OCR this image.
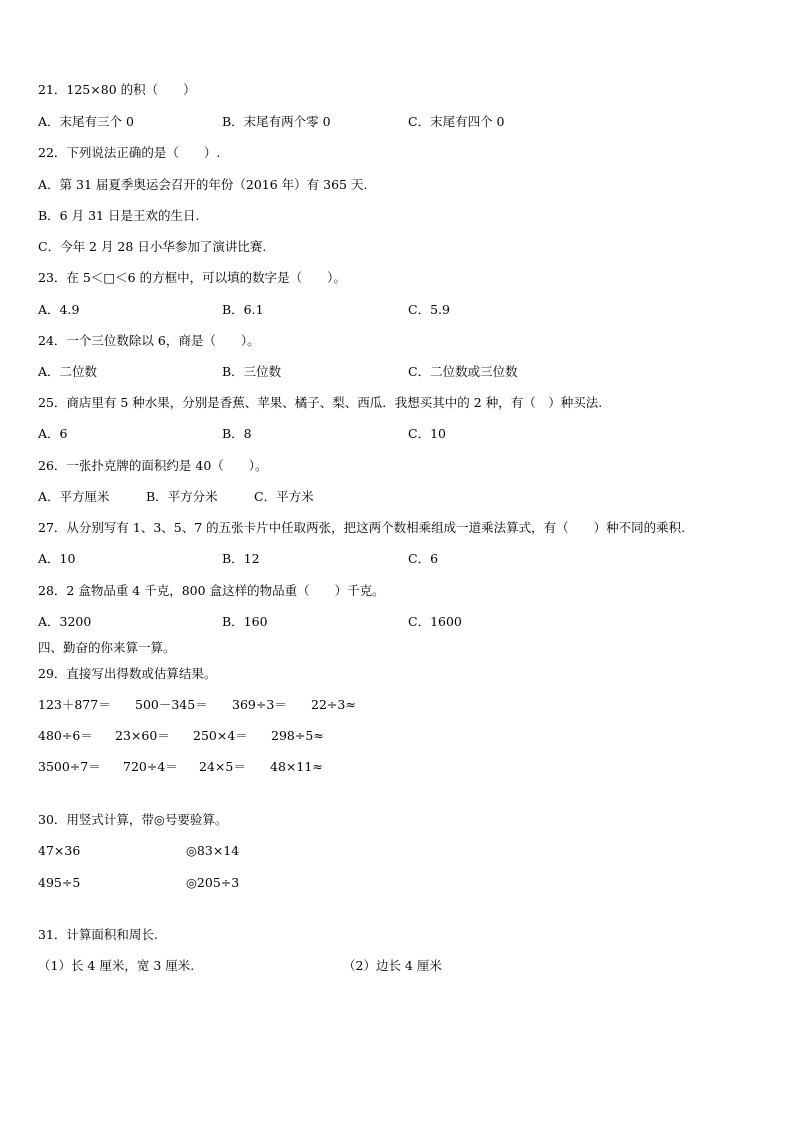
21．125×80 的积（　　）
A．末尾有三个 0	B．末尾有两个零 0	C．末尾有四个 0
22．下列说法正确的是（　　）.
A．第 31 届夏季奥运会召开的年份（2016 年）有 365 天.
B．6 月 31 日是王欢的生日.
C．今年 2 月 28 日小华参加了演讲比赛.
23．在 5＜□＜6 的方框中，可以填的数字是（　　）。
A．4.9	B．6.1	C．5.9
24．一个三位数除以 6，商是（　　）。
A．二位数	B．三位数	C．二位数或三位数
25．商店里有 5 种水果，分别是香蕉、苹果、橘子、梨、西瓜．我想买其中的 2 种，有（　）种买法.
A．6	B．8	C．10
26．一张扑克牌的面积约是 40（　　）。
A．平方厘米	B．平方分米	C．平方米
27．从分别写有 1、3、5、7 的五张卡片中任取两张，把这两个数相乘组成一道乘法算式，有（　　）种不同的乘积.
A．10	B．12	C．6
28．2 盒物品重 4 千克，800 盒这样的物品重（　　）千克。
A．3200	B．160	C．1600
四、勤奋的你来算一算。
29．直接写出得数或估算结果。
123＋877＝ 500－345＝ 369÷3＝ 22÷3≈
480÷6＝ 23×60＝ 250×4＝ 298÷5≈
3500÷7＝ 720÷4＝ 24×5＝ 48×11≈
30．用竖式计算，带◎号要验算。
47×36	◎83×14
495÷5	◎205÷3
31．计算面积和周长.
（1）长 4 厘米，宽 3 厘米.	（2）边长 4 厘米
